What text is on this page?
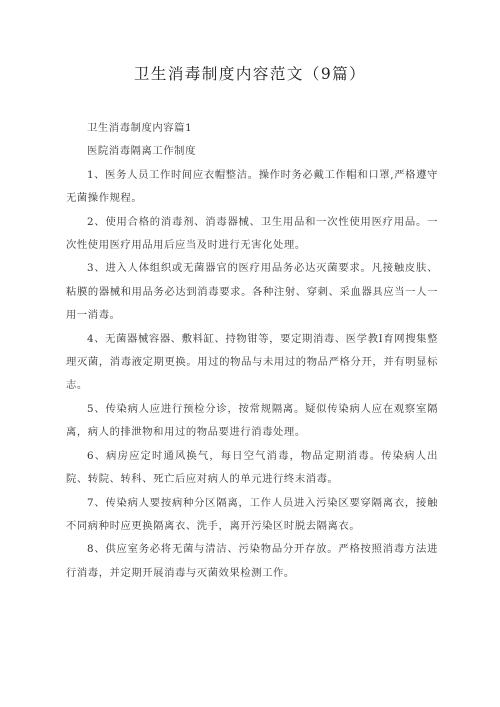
卫生消毒制度内容范文（9篇）

卫生消毒制度内容篇1

医院消毒隔离工作制度

1、医务人员工作时间应衣帽整洁。操作时务必戴工作帽和口罩,严格遵守无菌操作规程。

2、使用合格的消毒剂、消毒器械、卫生用品和一次性使用医疗用品。一次性使用医疗用品用后应当及时进行无害化处理。

3、进入人体组织或无菌器官的医疗用品务必达灭菌要求。凡接触皮肤、粘膜的器械和用品务必达到消毒要求。各种注射、穿刺、采血器具应当一人一用一消毒。

4、无菌器械容器、敷料缸、持物钳等，要定期消毒、医学教I育网搜集整理灭菌，消毒液定期更换。用过的物品与未用过的物品严格分开，并有明显标志。

5、传染病人应进行预检分诊，按常规隔离。疑似传染病人应在观察室隔离，病人的排泄物和用过的物品要进行消毒处理。

6、病房应定时通风换气，每日空气消毒，物品定期消毒。传染病人出院、转院、转科、死亡后应对病人的单元进行终末消毒。

7、传染病人要按病种分区隔离，工作人员进入污染区要穿隔离衣，接触不同病种时应更换隔离衣、洗手，离开污染区时脱去隔离衣。

8、供应室务必将无菌与清洁、污染物品分开存放。严格按照消毒方法进行消毒，并定期开展消毒与灭菌效果检测工作。
